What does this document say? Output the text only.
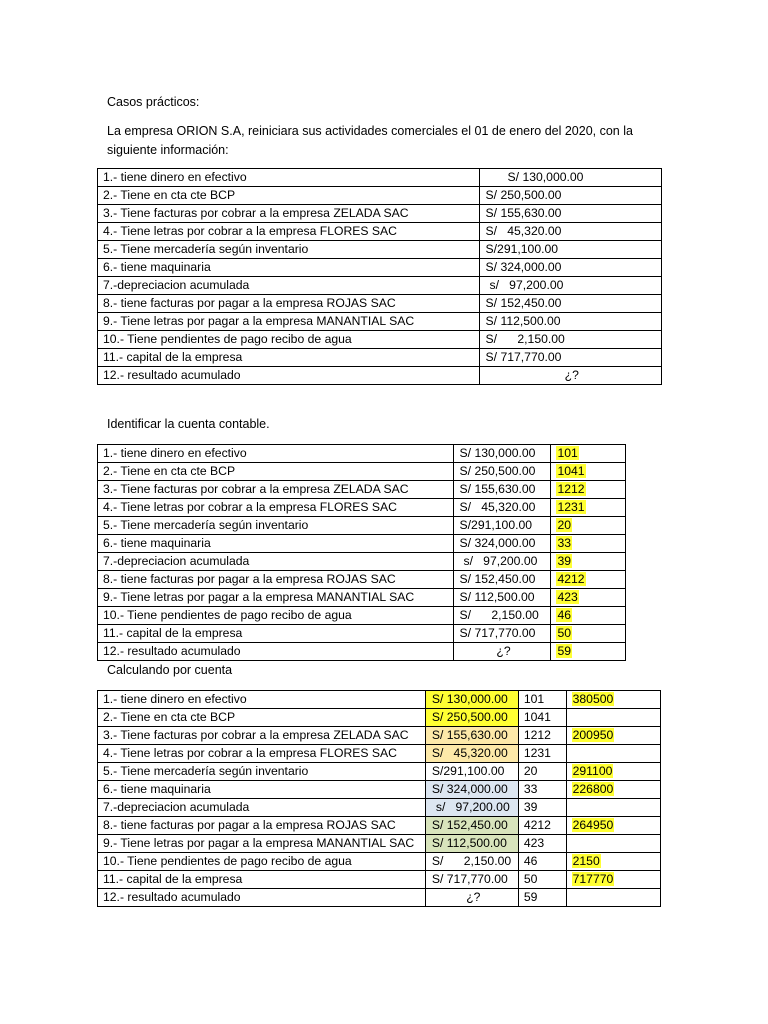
Casos prácticos:
La empresa ORION S.A, reiniciara sus actividades comerciales el 01 de enero del 2020, con la
siguiente información:
1.- tiene dinero en efectivo	S/ 130,000.00
2.- Tiene en cta cte BCP	S/ 250,500.00
3.- Tiene facturas por cobrar a la empresa ZELADA SAC	S/ 155,630.00
4.- Tiene letras por cobrar a la empresa FLORES SAC	S/   45,320.00
5.- Tiene mercadería según inventario	S/291,100.00
6.- tiene maquinaria	S/ 324,000.00
7.-depreciacion acumulada	s/   97,200.00
8.- tiene facturas por pagar a la empresa ROJAS SAC	S/ 152,450.00
9.- Tiene letras por pagar a la empresa MANANTIAL SAC	S/ 112,500.00
10.- Tiene pendientes de pago recibo de agua	S/      2,150.00
11.- capital de la empresa	S/ 717,770.00
12.- resultado acumulado	¿?
Identificar la cuenta contable.
1.- tiene dinero en efectivo	S/ 130,000.00	101
2.- Tiene en cta cte BCP	S/ 250,500.00	1041
3.- Tiene facturas por cobrar a la empresa ZELADA SAC	S/ 155,630.00	1212
4.- Tiene letras por cobrar a la empresa FLORES SAC	S/   45,320.00	1231
5.- Tiene mercadería según inventario	S/291,100.00	20
6.- tiene maquinaria	S/ 324,000.00	33
7.-depreciacion acumulada	s/   97,200.00	39
8.- tiene facturas por pagar a la empresa ROJAS SAC	S/ 152,450.00	4212
9.- Tiene letras por pagar a la empresa MANANTIAL SAC	S/ 112,500.00	423
10.- Tiene pendientes de pago recibo de agua	S/      2,150.00	46
11.- capital de la empresa	S/ 717,770.00	50
12.- resultado acumulado	¿?	59
Calculando por cuenta
1.- tiene dinero en efectivo	S/ 130,000.00	101	380500
2.- Tiene en cta cte BCP	S/ 250,500.00	1041	
3.- Tiene facturas por cobrar a la empresa ZELADA SAC	S/ 155,630.00	1212	200950
4.- Tiene letras por cobrar a la empresa FLORES SAC	S/   45,320.00	1231	
5.- Tiene mercadería según inventario	S/291,100.00	20	291100
6.- tiene maquinaria	S/ 324,000.00	33	226800
7.-depreciacion acumulada	s/   97,200.00	39	
8.- tiene facturas por pagar a la empresa ROJAS SAC	S/ 152,450.00	4212	264950
9.- Tiene letras por pagar a la empresa MANANTIAL SAC	S/ 112,500.00	423	
10.- Tiene pendientes de pago recibo de agua	S/      2,150.00	46	2150
11.- capital de la empresa	S/ 717,770.00	50	717770
12.- resultado acumulado	¿?	59	
